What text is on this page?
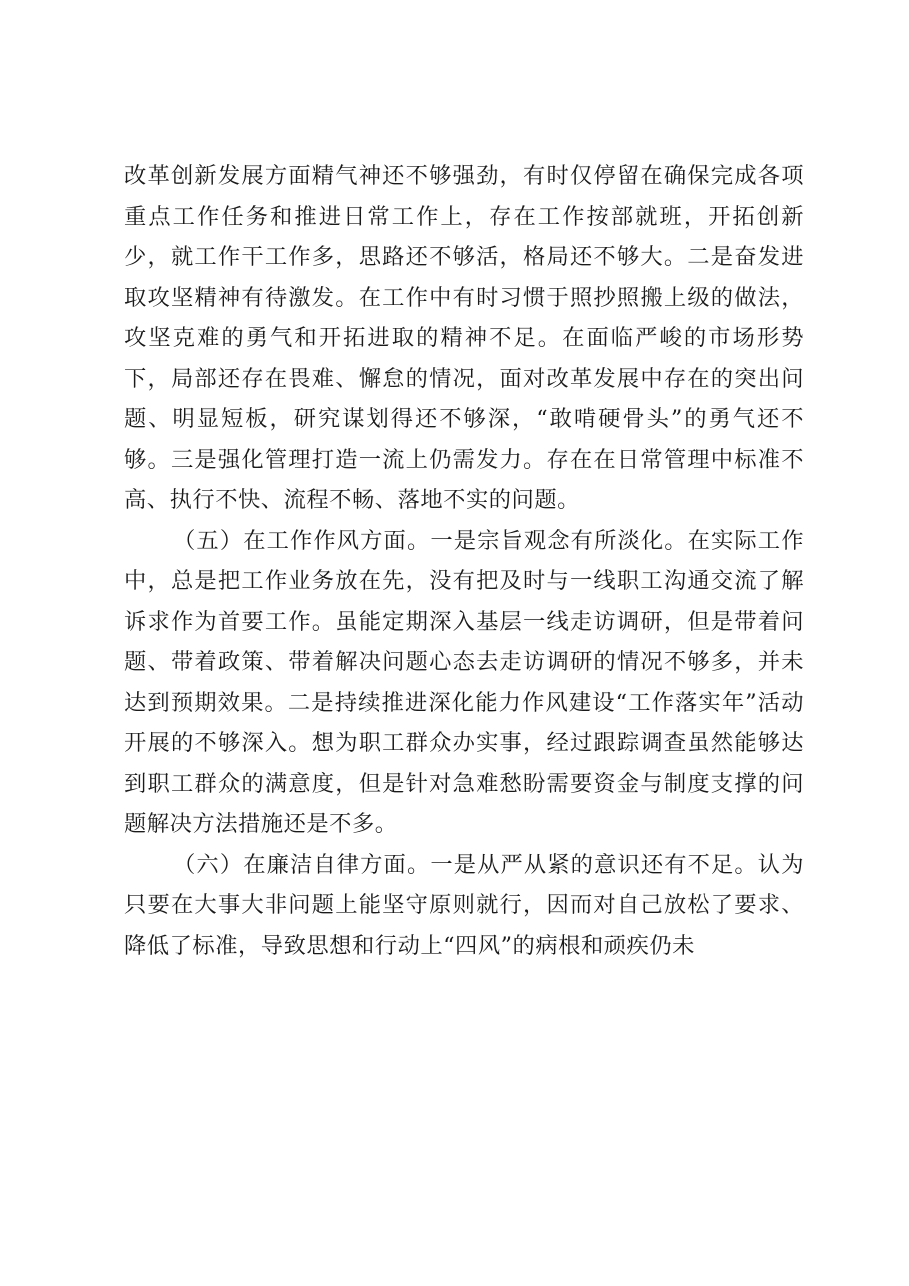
改革创新发展方面精气神还不够强劲，有时仅停留在确保完成各项重点工作任务和推进日常工作上，存在工作按部就班，开拓创新少，就工作干工作多，思路还不够活，格局还不够大。二是奋发进取攻坚精神有待激发。在工作中有时习惯于照抄照搬上级的做法，攻坚克难的勇气和开拓进取的精神不足。在面临严峻的市场形势下，局部还存在畏难、懈怠的情况，面对改革发展中存在的突出问题、明显短板，研究谋划得还不够深，“敢啃硬骨头”的勇气还不够。三是强化管理打造一流上仍需发力。存在在日常管理中标准不高、执行不快、流程不畅、落地不实的问题。

（五）在工作作风方面。一是宗旨观念有所淡化。在实际工作中，总是把工作业务放在先，没有把及时与一线职工沟通交流了解诉求作为首要工作。虽能定期深入基层一线走访调研，但是带着问题、带着政策、带着解决问题心态去走访调研的情况不够多，并未达到预期效果。二是持续推进深化能力作风建设“工作落实年”活动开展的不够深入。想为职工群众办实事，经过跟踪调查虽然能够达到职工群众的满意度，但是针对急难愁盼需要资金与制度支撑的问题解决方法措施还是不多。

（六）在廉洁自律方面。一是从严从紧的意识还有不足。认为只要在大事大非问题上能坚守原则就行，因而对自己放松了要求、降低了标准，导致思想和行动上“四风”的病根和顽疾仍未
